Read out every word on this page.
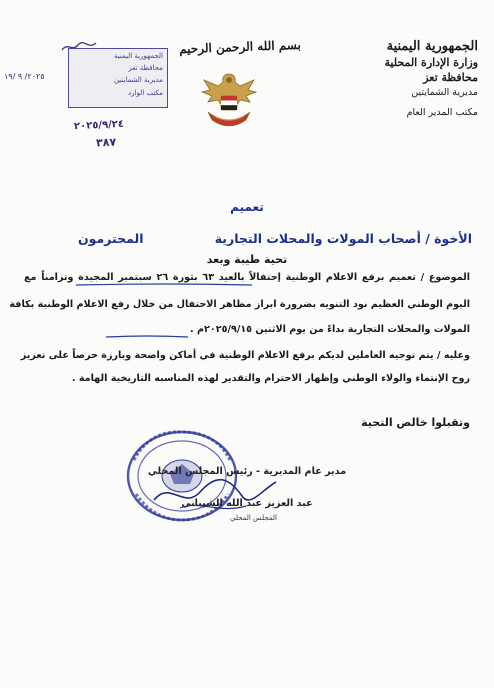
الجمهورية اليمنية
وزارة الإدارة المحلية
محافظة تعز
مديرية الشمايتين
مكتب المدير العام
بسم الله الرحمن الرحيم
٢٠٢٥/ ٩ /١٩
الجمهورية اليمنية
محافظة تعز
مديرية الشمايتين
مكتب الوارد
٢٠٢٥/٩/٢٤
٣٨٧
تعميم
الأخوة / أصحاب المولات والمحلات التجارية
المحترمون
تحية طيبة وبعد
الموضوع / تعميم برفع الاعلام الوطنية إحتفالاً بالعيد ٦٣ بثورة ٢٦ سبتمبر المجيدة وتزامناً مع
اليوم الوطني العظيم نود التنويه بضرورة ابراز مظاهر الاحتفال من خلال رفع الاعلام الوطنية بكافة
المولات والمحلات التجارية بداءً من يوم الاثنين ٢٠٢٥/٩/١٥م .
وعليه / يتم توجيه العاملين لديكم برفع الاعلام الوطنية في أماكن واضحة وبارزة حرصاً على تعزيز
روح الإنتماء والولاء الوطني وإظهار الاحترام والتقدير لهذه المناسبه التاريخية الهامة .
وتقبلوا خالص التحية
مدير عام المديرية - رئيس المجلس المحلي
عبد العزيز عبد الله الشيباني
المجلس المحلي
